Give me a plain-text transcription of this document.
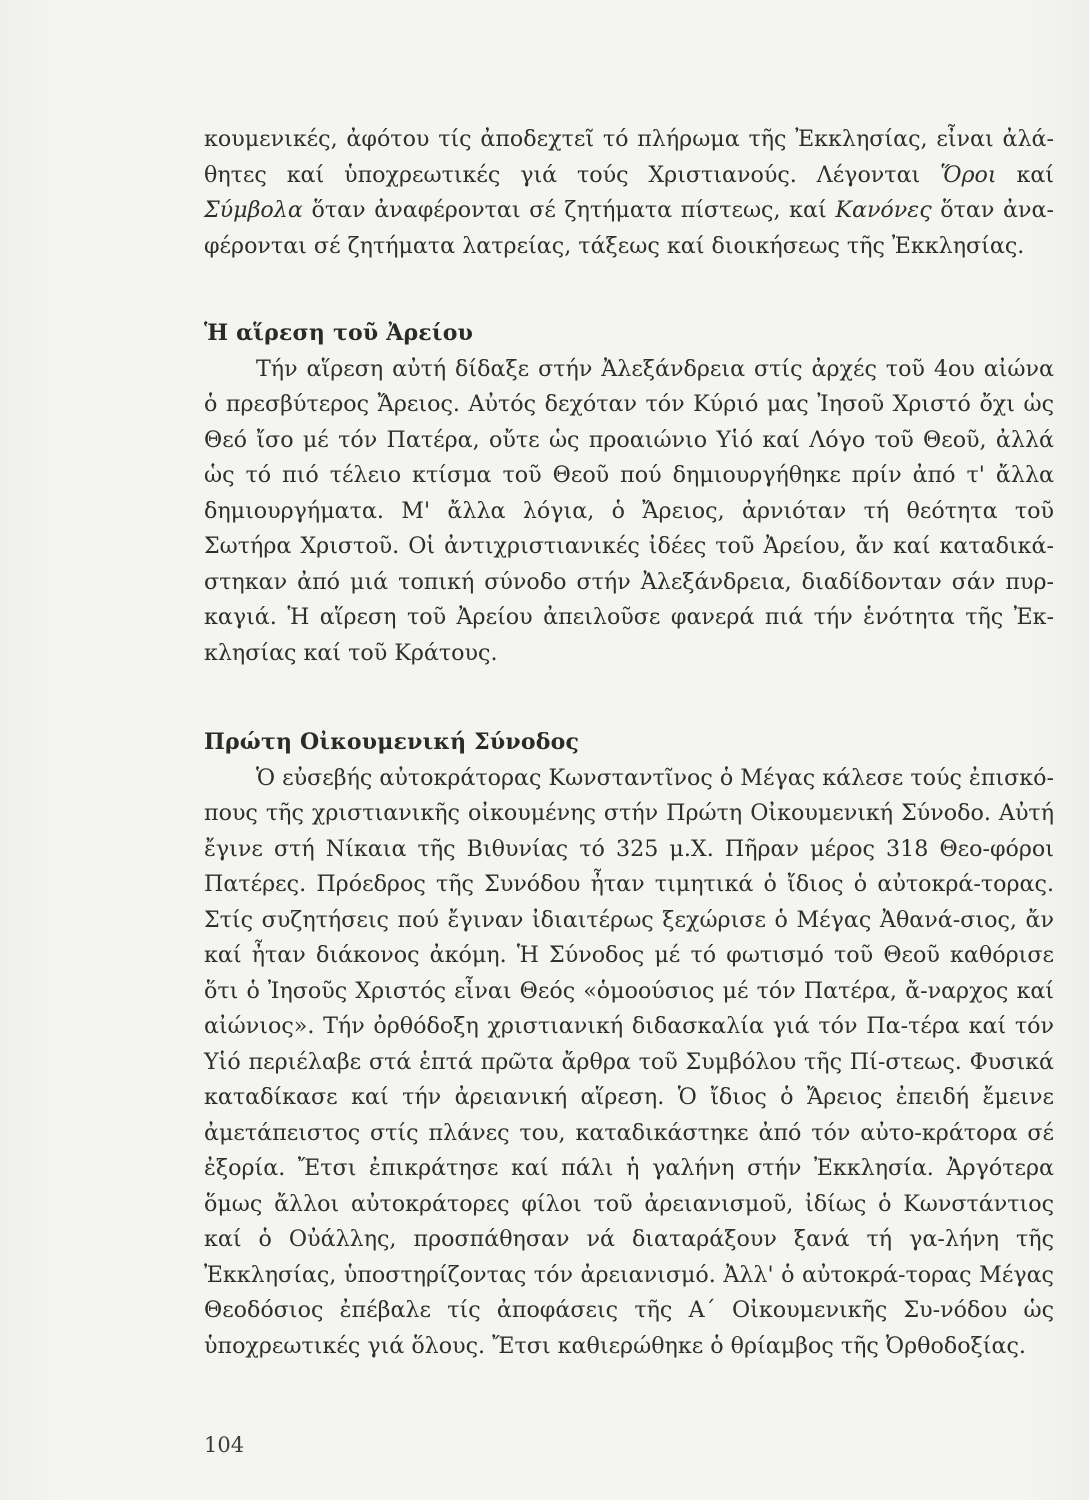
κουμενικές, ἀφότου τίς ἀποδεχτεῖ τό πλήρωμα τῆς Ἐκκλησίας, εἶναι ἀλά-θητες καί ὑποχρεωτικές γιά τούς Χριστιανούς. Λέγονται Ὅροι καί Σύμβολα ὅταν ἀναφέρονται σέ ζητήματα πίστεως, καί Κανόνες ὅταν ἀνα-φέρονται σέ ζητήματα λατρείας, τάξεως καί διοικήσεως τῆς Ἐκκλησίας.

Ἡ αἵρεση τοῦ Ἀρείου

Τήν αἵρεση αὐτή δίδαξε στήν Ἀλεξάνδρεια στίς ἀρχές τοῦ 4ου αἰώνα ὁ πρεσβύτερος Ἄρειος. Αὐτός δεχόταν τόν Κύριό μας Ἰησοῦ Χριστό ὄχι ὡς Θεό ἴσο μέ τόν Πατέρα, οὔτε ὡς προαιώνιο Υἱό καί Λόγο τοῦ Θεοῦ, ἀλλά ὡς τό πιό τέλειο κτίσμα τοῦ Θεοῦ πού δημιουργήθηκε πρίν ἀπό τ' ἄλλα δημιουργήματα. Μ' ἄλλα λόγια, ὁ Ἄρειος, ἀρνιόταν τή θεότητα τοῦ Σωτήρα Χριστοῦ. Οἱ ἀντιχριστιανικές ἰδέες τοῦ Ἀρείου, ἄν καί καταδικά-στηκαν ἀπό μιά τοπική σύνοδο στήν Ἀλεξάνδρεια, διαδίδονταν σάν πυρ-καγιά. Ἡ αἵρεση τοῦ Ἀρείου ἀπειλοῦσε φανερά πιά τήν ἑνότητα τῆς Ἐκ-κλησίας καί τοῦ Κράτους.

Πρώτη Οἰκουμενική Σύνοδος

Ὁ εὐσεβής αὐτοκράτορας Κωνσταντῖνος ὁ Μέγας κάλεσε τούς ἐπισκό-πους τῆς χριστιανικῆς οἰκουμένης στήν Πρώτη Οἰκουμενική Σύνοδο. Αὐτή ἔγινε στή Νίκαια τῆς Βιθυνίας τό 325 μ.Χ. Πῆραν μέρος 318 Θεο-φόροι Πατέρες. Πρόεδρος τῆς Συνόδου ἦταν τιμητικά ὁ ἴδιος ὁ αὐτοκρά-τορας. Στίς συζητήσεις πού ἔγιναν ἰδιαιτέρως ξεχώρισε ὁ Μέγας Ἀθανά-σιος, ἄν καί ἦταν διάκονος ἀκόμη. Ἡ Σύνοδος μέ τό φωτισμό τοῦ Θεοῦ καθόρισε ὅτι ὁ Ἰησοῦς Χριστός εἶναι Θεός «ὁμοούσιος μέ τόν Πατέρα, ἄ-ναρχος καί αἰώνιος». Τήν ὀρθόδοξη χριστιανική διδασκαλία γιά τόν Πα-τέρα καί τόν Υἱό περιέλαβε στά ἑπτά πρῶτα ἄρθρα τοῦ Συμβόλου τῆς Πί-στεως. Φυσικά καταδίκασε καί τήν ἀρειανική αἵρεση. Ὁ ἴδιος ὁ Ἄρειος ἐπειδή ἔμεινε ἀμετάπειστος στίς πλάνες του, καταδικάστηκε ἀπό τόν αὐτο-κράτορα σέ ἐξορία. Ἔτσι ἐπικράτησε καί πάλι ἡ γαλήνη στήν Ἐκκλησία. Ἀργότερα ὅμως ἄλλοι αὐτοκράτορες φίλοι τοῦ ἀρειανισμοῦ, ἰδίως ὁ Κωνστάντιος καί ὁ Οὐάλλης, προσπάθησαν νά διαταράξουν ξανά τή γα-λήνη τῆς Ἐκκλησίας, ὑποστηρίζοντας τόν ἀρειανισμό. Ἀλλ' ὁ αὐτοκρά-τορας Μέγας Θεοδόσιος ἐπέβαλε τίς ἀποφάσεις τῆς Α΄ Οἰκουμενικῆς Συ-νόδου ὡς ὑποχρεωτικές γιά ὅλους. Ἔτσι καθιερώθηκε ὁ θρίαμβος τῆς Ὀρθοδοξίας.

104
